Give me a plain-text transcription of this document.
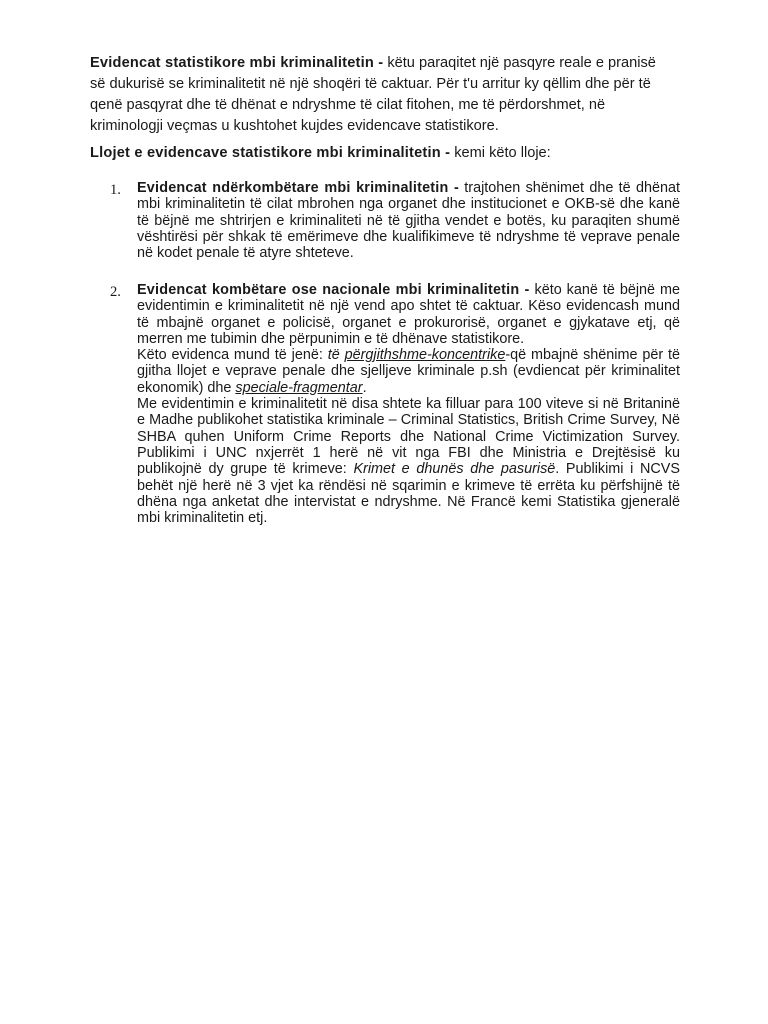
Evidencat statistikore mbi kriminalitetin - këtu paraqitet një pasqyre reale e pranisë së dukurisë se kriminalitetit në një shoqëri të caktuar. Për t'u arritur ky qëllim dhe për të qenë pasqyrat dhe të dhënat e ndryshme të cilat fitohen, me të përdorshmet, në kriminologji veçmas u kushtohet kujdes evidencave statistikore.

Llojet e evidencave statistikore mbi kriminalitetin - kemi këto lloje:

1.	Evidencat ndërkombëtare mbi kriminalitetin - trajtohen shënimet dhe të dhënat mbi kriminalitetin të cilat mbrohen nga organet dhe institucionet e OKB-së dhe kanë të bëjnë me shtrirjen e kriminaliteti në të gjitha vendet e botës, ku paraqiten shumë vështirësi për shkak të emërimeve dhe kualifikimeve të ndryshme të veprave penale në kodet penale të atyre shteteve.

2.	Evidencat kombëtare ose nacionale mbi kriminalitetin - këto kanë të bëjnë me evidentimin e kriminalitetit në një vend apo shtet të caktuar. Këso evidencash mund të mbajnë organet e policisë, organet e prokurorisë, organet e gjykatave etj, që merren me tubimin dhe përpunimin e të dhënave statistikore.

Këto evidenca mund të jenë: të përgjithshme-koncentrike-që mbajnë shënime për të gjitha llojet e veprave penale dhe sjelljeve kriminale p.sh (evdiencat për kriminalitet ekonomik) dhe speciale-fragmentar.

Me evidentimin e kriminalitetit në disa shtete ka filluar para 100 viteve si në Britaninë e Madhe publikohet statistika kriminale – Criminal Statistics, British Crime Survey, Në SHBA quhen Uniform Crime Reports dhe National Crime Victimization Survey. Publikimi i UNC nxjerrët 1 herë në vit nga FBI dhe Ministria e Drejtësisë ku publikojnë dy grupe të krimeve: Krimet e dhunës dhe pasurisë. Publikimi i NCVS behët një herë në 3 vjet ka rëndësi në sqarimin e krimeve të errëta ku përfshijnë të dhëna nga anketat dhe intervistat e ndryshme. Në Francë kemi Statistika gjeneralë mbi kriminalitetin etj.
